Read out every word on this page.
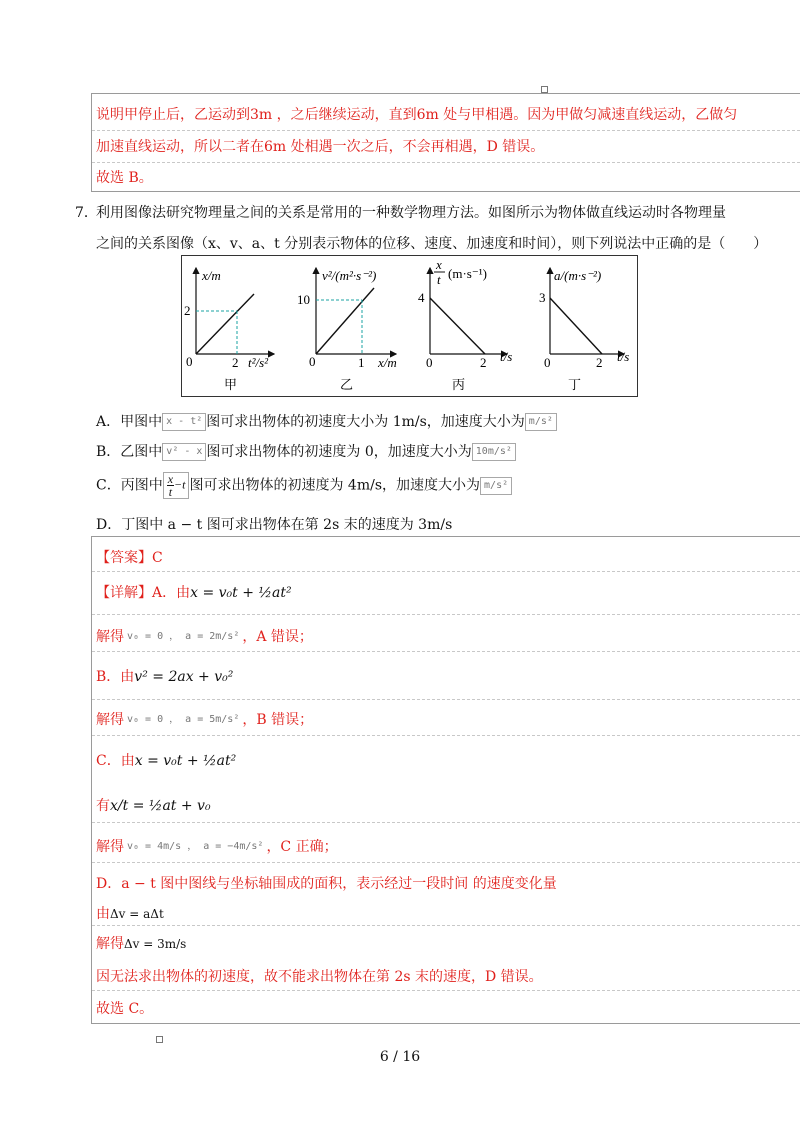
说明甲停止后，乙运动到3m ，之后继续运动，直到6m 处与甲相遇。因为甲做匀减速直线运动，乙做匀
加速直线运动，所以二者在6m 处相遇一次之后，不会再相遇，D 错误。
故选 B。
7．
利用图像法研究物理量之间的关系是常用的一种数学物理方法。如图所示为物体做直线运动时各物理量
之间的关系图像（x、v、a、t 分别表示物体的位移、速度、加速度和时间），则下列说法中正确的是（　　）
x/m
2
0	2 t²/s²
甲
v²/(m²·s⁻²)
10
0	1 x/m
乙
x
t (m·s⁻¹)
4
0	2 t/s
丙
a/(m·s⁻²)
3
0	2 t/s
丁
A．甲图中 x - t² 图可求出物体的初速度大小为 1m/s，加速度大小为 m/s²
B．乙图中 v² - x 图可求出物体的初速度为 0，加速度大小为 10m/s²
C．丙图中 $\frac{x}{t} -t$ 图可求出物体的初速度为 4m/s，加速度大小为 m/s²
D．丁图中 a − t 图可求出物体在第 2s 末的速度为 3m/s
【答案】C
【详解】A．由x = v₀t + ½at²
解得 v₀ = 0 ， a = 2m/s² ，A 错误；
B．由v² = 2ax + v₀²
解得 v₀ = 0 ， a = 5m/s² ，B 错误；
C．由x = v₀t + ½at²
有x/t = ½at + v₀
解得 v₀ = 4m/s ， a = −4m/s² ，C 正确；
D．a − t 图中图线与坐标轴围成的面积，表示经过一段时间 的速度变化量
由Δv = aΔt
解得Δv = 3m/s
因无法求出物体的初速度，故不能求出物体在第 2s 末的速度，D 错误。
故选 C。
6 / 16
